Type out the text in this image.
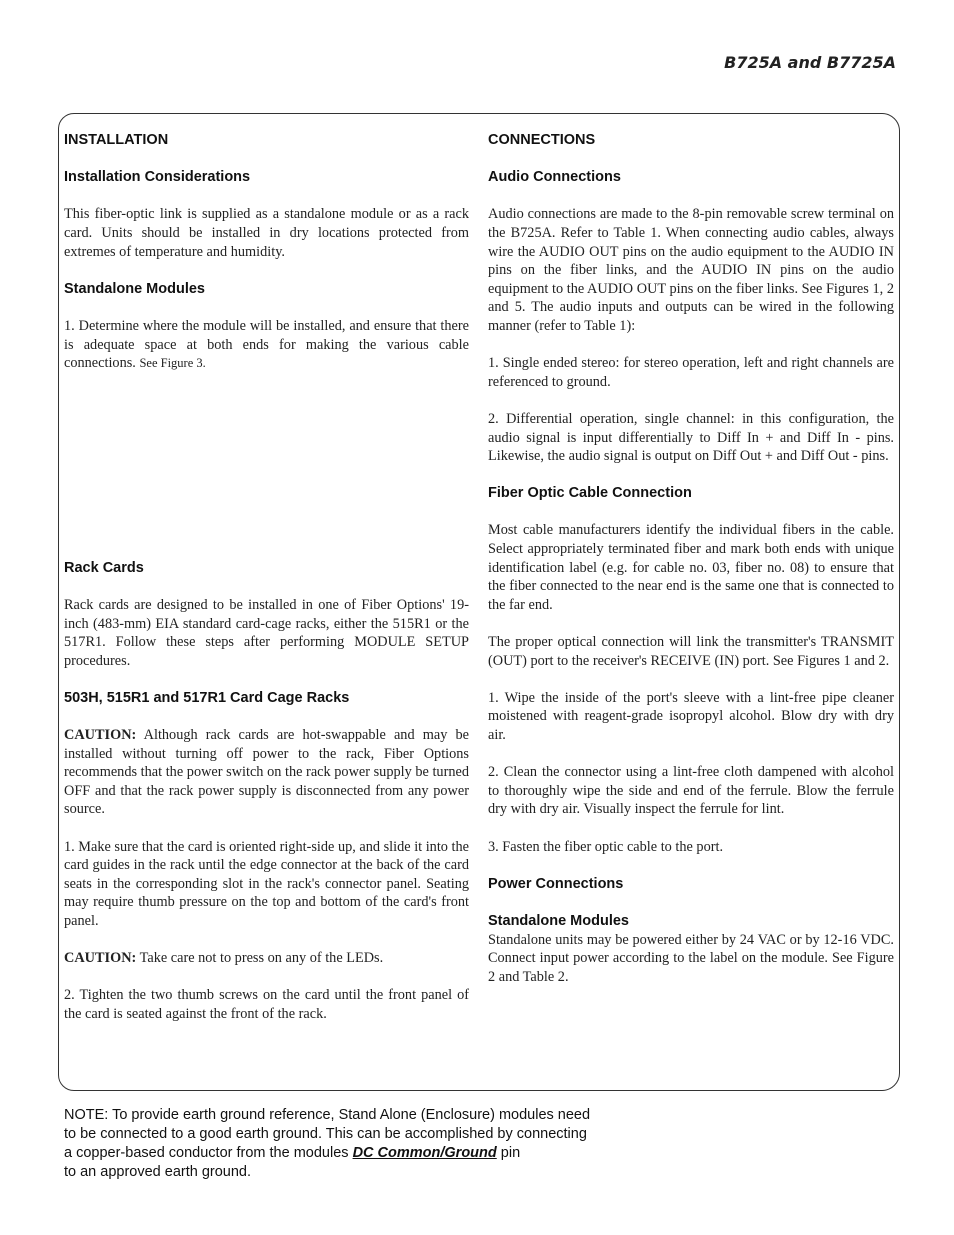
B725A and B7725A

INSTALLATION

Installation Considerations

This fiber-optic link is supplied as a standalone module or as a rack card. Units should be installed in dry locations protected from extremes of temperature and humidity.

Standalone Modules

1. Determine where the module will be installed, and ensure that there is adequate space at both ends for making the various cable connections. See Figure 3.

Rack Cards

Rack cards are designed to be installed in one of Fiber Options' 19-inch (483-mm) EIA standard card-cage racks, either the 515R1 or the 517R1. Follow these steps after performing MODULE SETUP procedures.

503H, 515R1 and 517R1 Card Cage Racks

CAUTION: Although rack cards are hot-swappable and may be installed without turning off power to the rack, Fiber Options recommends that the power switch on the rack power supply be turned OFF and that the rack power supply is disconnected from any power source.

1. Make sure that the card is oriented right-side up, and slide it into the card guides in the rack until the edge connector at the back of the card seats in the corresponding slot in the rack's connector panel. Seating may require thumb pressure on the top and bottom of the card's front panel.

CAUTION: Take care not to press on any of the LEDs.

2. Tighten the two thumb screws on the card until the front panel of the card is seated against the front of the rack.

CONNECTIONS

Audio Connections

Audio connections are made to the 8-pin removable screw terminal on the B725A. Refer to Table 1. When connecting audio cables, always wire the AUDIO OUT pins on the audio equipment to the AUDIO IN pins on the fiber links, and the AUDIO IN pins on the audio equipment to the AUDIO OUT pins on the fiber links. See Figures 1, 2 and 5. The audio inputs and outputs can be wired in the following manner (refer to Table 1):

1. Single ended stereo: for stereo operation, left and right channels are referenced to ground.

2. Differential operation, single channel: in this configuration, the audio signal is input differentially to Diff In + and Diff In - pins. Likewise, the audio signal is output on Diff Out + and Diff Out - pins.

Fiber Optic Cable Connection

Most cable manufacturers identify the individual fibers in the cable. Select appropriately terminated fiber and mark both ends with unique identification label (e.g. for cable no. 03, fiber no. 08) to ensure that the fiber connected to the near end is the same one that is connected to the far end.

The proper optical connection will link the transmitter's TRANSMIT (OUT) port to the receiver's RECEIVE (IN) port. See Figures 1 and 2.

1. Wipe the inside of the port's sleeve with a lint-free pipe cleaner moistened with reagent-grade isopropyl alcohol. Blow dry with dry air.

2. Clean the connector using a lint-free cloth dampened with alcohol to thoroughly wipe the side and end of the ferrule. Blow the ferrule dry with dry air. Visually inspect the ferrule for lint.

3. Fasten the fiber optic cable to the port.

Power Connections

Standalone Modules

Standalone units may be powered either by 24 VAC or by 12-16 VDC. Connect input power according to the label on the module. See Figure 2 and Table 2.

NOTE: To provide earth ground reference, Stand Alone (Enclosure) modules need
to be connected to a good earth ground. This can be accomplished by connecting
a copper-based conductor from the modules DC Common/Ground pin
to an approved earth ground.
